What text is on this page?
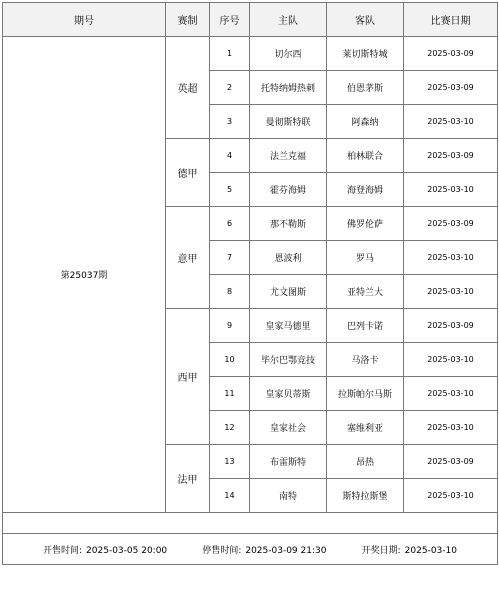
期号	赛制	序号	主队	客队	比赛日期
第25037期	英超	1	切尔西	莱切斯特城	2025-03-09
		2	托特纳姆热刺	伯恩茅斯	2025-03-09
		3	曼彻斯特联	阿森纳	2025-03-10
	德甲	4	法兰克福	柏林联合	2025-03-09
		5	霍芬海姆	海登海姆	2025-03-10
	意甲	6	那不勒斯	佛罗伦萨	2025-03-09
		7	恩波利	罗马	2025-03-10
		8	尤文图斯	亚特兰大	2025-03-10
	西甲	9	皇家马德里	巴列卡诺	2025-03-09
		10	毕尔巴鄂竞技	马洛卡	2025-03-10
		11	皇家贝蒂斯	拉斯帕尔马斯	2025-03-10
		12	皇家社会	塞维利亚	2025-03-10
	法甲	13	布雷斯特	昂热	2025-03-09
		14	南特	斯特拉斯堡	2025-03-10

开售时间: 2025-03-05 20:00 停售时间: 2025-03-09 21:30 开奖日期: 2025-03-10					
